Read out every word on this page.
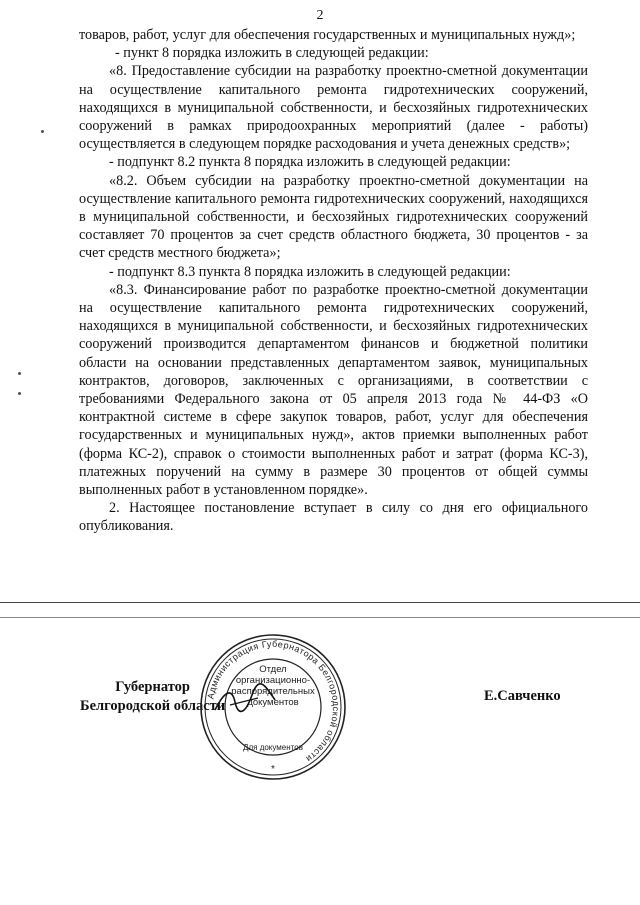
2

товаров, работ, услуг для обеспечения государственных и муниципальных нужд»;

- пункт 8 порядка изложить в следующей редакции:

«8. Предоставление субсидии на разработку проектно-сметной документации на осуществление капитального ремонта гидротехнических сооружений, находящихся в муниципальной собственности, и бесхозяйных гидротехнических сооружений в рамках природоохранных мероприятий (далее - работы) осуществляется в следующем порядке расходования и учета денежных средств»;

- подпункт 8.2 пункта 8 порядка изложить в следующей редакции:

«8.2. Объем субсидии на разработку проектно-сметной документации на осуществление капитального ремонта гидротехнических сооружений, находящихся в муниципальной собственности, и бесхозяйных гидротехнических сооружений составляет 70 процентов за счет средств областного бюджета, 30 процентов - за счет средств местного бюджета»;

- подпункт 8.3 пункта 8 порядка изложить в следующей редакции:

«8.3. Финансирование работ по разработке проектно-сметной документации на осуществление капитального ремонта гидротехнических сооружений, находящихся в муниципальной собственности, и бесхозяйных гидротехнических сооружений производится департаментом финансов и бюджетной политики области на основании представленных департаментом заявок, муниципальных контрактов, договоров, заключенных с организациями, в соответствии с требованиями Федерального закона от 05 апреля 2013 года № 44-ФЗ «О контрактной системе в сфере закупок товаров, работ, услуг для обеспечения государственных и муниципальных нужд», актов приемки выполненных работ (форма КС-2), справок о стоимости выполненных работ и затрат (форма КС-3), платежных поручений на сумму в размере 30 процентов от общей суммы выполненных работ в установленном порядке».

2. Настоящее постановление вступает в силу со дня его официального опубликования.

Губернатор
Белгородской области
Е.Савченко
Администрация Губернатора Белгородской области
Для документов
*
Отдел
организационно-
распорядительных
документов
